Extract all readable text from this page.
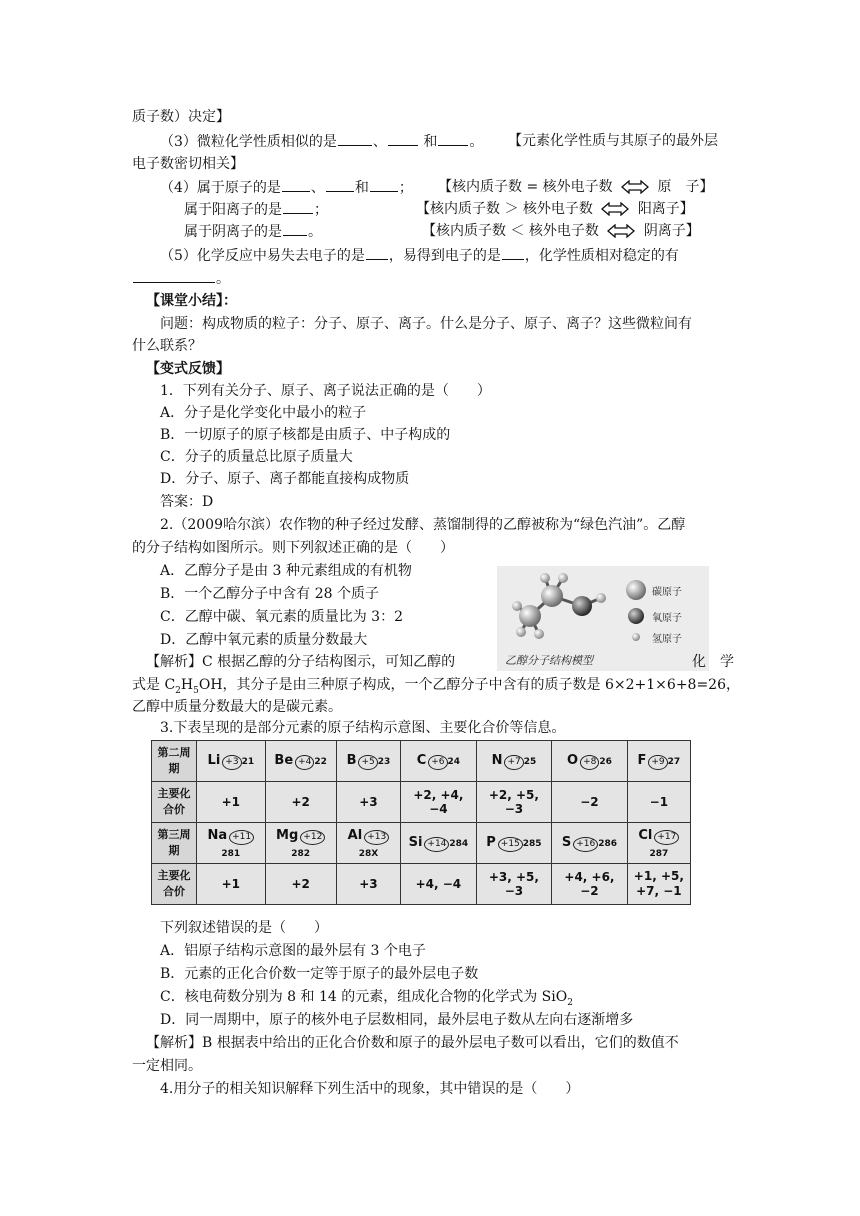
质子数）决定】
（3）微粒化学性质相似的是	、	和 。 【元素化学性质与其原子的最外层
电子数密切相关】
（4）属于原子的是 、 和 ； 【核内质子数 = 核外电子数	原　子】
属于阳离子的是 ；	【核内质子数 ＞ 核外电子数	阳离子】
属于阴离子的是 。	【核内质子数 ＜ 核外电子数	阴离子】
（5）化学反应中易失去电子的是 ，易得到电子的是 ，化学性质相对稳定的有
。
【课堂小结】：
问题：构成物质的粒子：分子、原子、离子。什么是分子、原子、离子？这些微粒间有
什么联系？
【变式反馈】
1．下列有关分子、原子、离子说法正确的是（　　）
A．分子是化学变化中最小的粒子
B．一切原子的原子核都是由质子、中子构成的
C．分子的质量总比原子质量大
D．分子、原子、离子都能直接构成物质
答案：D
2.（2009哈尔滨）农作物的种子经过发酵、蒸馏制得的乙醇被称为“绿色汽油”。乙醇
的分子结构如图所示。则下列叙述正确的是（　　）
A．乙醇分子是由 3 种元素组成的有机物
B．一个乙醇分子中含有 28 个质子
C．乙醇中碳、氧元素的质量比为 3：2
D．乙醇中氧元素的质量分数最大
碳原子
氧原子
氢原子
乙醇分子结构模型
【解析】C 根据乙醇的分子结构图示，可知乙醇的	化　学
式是 $C_2H_5OH$，其分子是由三种原子构成，一个乙醇分子中含有的质子数是 6×2+1×6+8=26，
乙醇中质量分数最大的是碳元素。
3.下表呈现的是部分元素的原子结构示意图、主要化合价等信息。
第二周期	Li +3 21	Be +4 22	B +5 23	C +6 24	N +7 25	O +8 26	F +9 27
主要化合价	+1	+2	+3	+2, +4, −4	+2, +5, −3	−2	−1
第三周期	Na +11281	Mg +12282	Al +1328X	Si +14 284	P +15 285	S +16 286	Cl +17287
主要化合价	+1	+2	+3	+4, −4	+3, +5, −3	+4, +6, −2	+1, +5,
+7, −1
下列叙述错误的是（　　）
A．铝原子结构示意图的最外层有 3 个电子
B．元素的正化合价数一定等于原子的最外层电子数
C．核电荷数分别为 8 和 14 的元素，组成化合物的化学式为 SiO$_2$
D．同一周期中，原子的核外电子层数相同，最外层电子数从左向右逐渐增多
【解析】B 根据表中给出的正化合价数和原子的最外层电子数可以看出，它们的数值不
一定相同。
4.用分子的相关知识解释下列生活中的现象，其中错误的是（　　）
